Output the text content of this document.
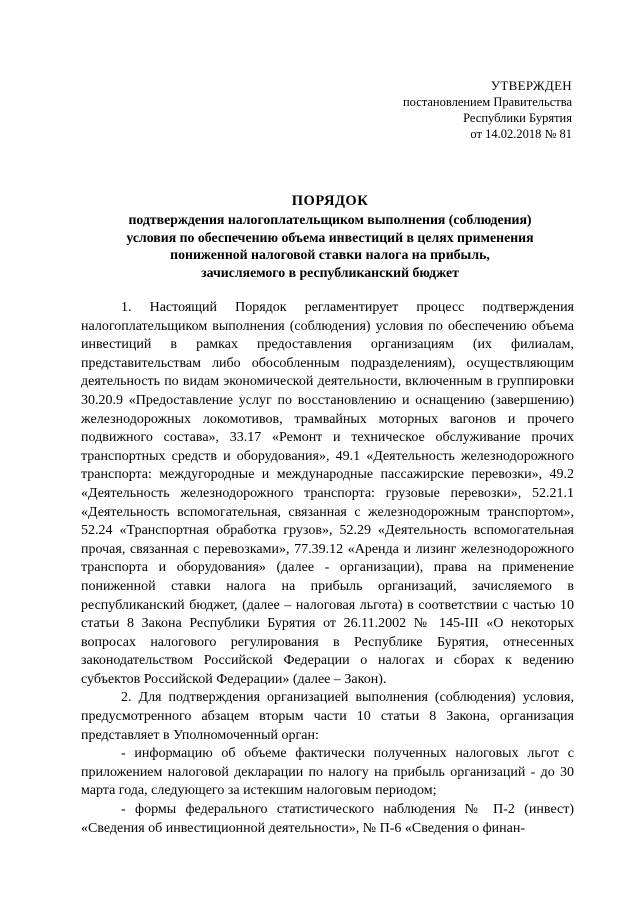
УТВЕРЖДЕН
постановлением Правительства
Республики Бурятия
от 14.02.2018 № 81
ПОРЯДОК
подтверждения налогоплательщиком выполнения (соблюдения)
условия по обеспечению объема инвестиций в целях применения
пониженной налоговой ставки налога на прибыль,
зачисляемого в республиканский бюджет

1. Настоящий Порядок регламентирует процесс подтверждения налогоплательщиком выполнения (соблюдения) условия по обеспечению объема инвестиций в рамках предоставления организациям (их филиалам, представительствам либо обособленным подразделениям), осуществляющим деятельность по видам экономической деятельности, включенным в группировки 30.20.9 «Предоставление услуг по восстановлению и оснащению (завершению) железнодорожных локомотивов, трамвайных моторных вагонов и прочего подвижного состава», 33.17 «Ремонт и техническое обслуживание прочих транспортных средств и оборудования», 49.1 «Деятельность железнодорожного транспорта: междугородные и международные пассажирские перевозки», 49.2 «Деятельность железнодорожного транспорта: грузовые перевозки», 52.21.1 «Деятельность вспомогательная, связанная с железнодорожным транспортом», 52.24 «Транспортная обработка грузов», 52.29 «Деятельность вспомогательная прочая, связанная с перевозками», 77.39.12 «Аренда и лизинг железнодорожного транспорта и оборудования» (далее - организации), права на применение пониженной ставки налога на прибыль организаций, зачисляемого в республиканский бюджет, (далее – налоговая льгота) в соответствии с частью 10 статьи 8 Закона Республики Бурятия от 26.11.2002 № 145-III «О некоторых вопросах налогового регулирования в Республике Бурятия, отнесенных законодательством Российской Федерации о налогах и сборах к ведению субъектов Российской Федерации» (далее – Закон).

2. Для подтверждения организацией выполнения (соблюдения) условия, предусмотренного абзацем вторым части 10 статьи 8 Закона, организация представляет в Уполномоченный орган:

- информацию об объеме фактически полученных налоговых льгот с приложением налоговой декларации по налогу на прибыль организаций - до 30 марта года, следующего за истекшим налоговым периодом;

- формы федерального статистического наблюдения № П-2 (инвест) «Сведения об инвестиционной деятельности», № П-6 «Сведения о финан-
